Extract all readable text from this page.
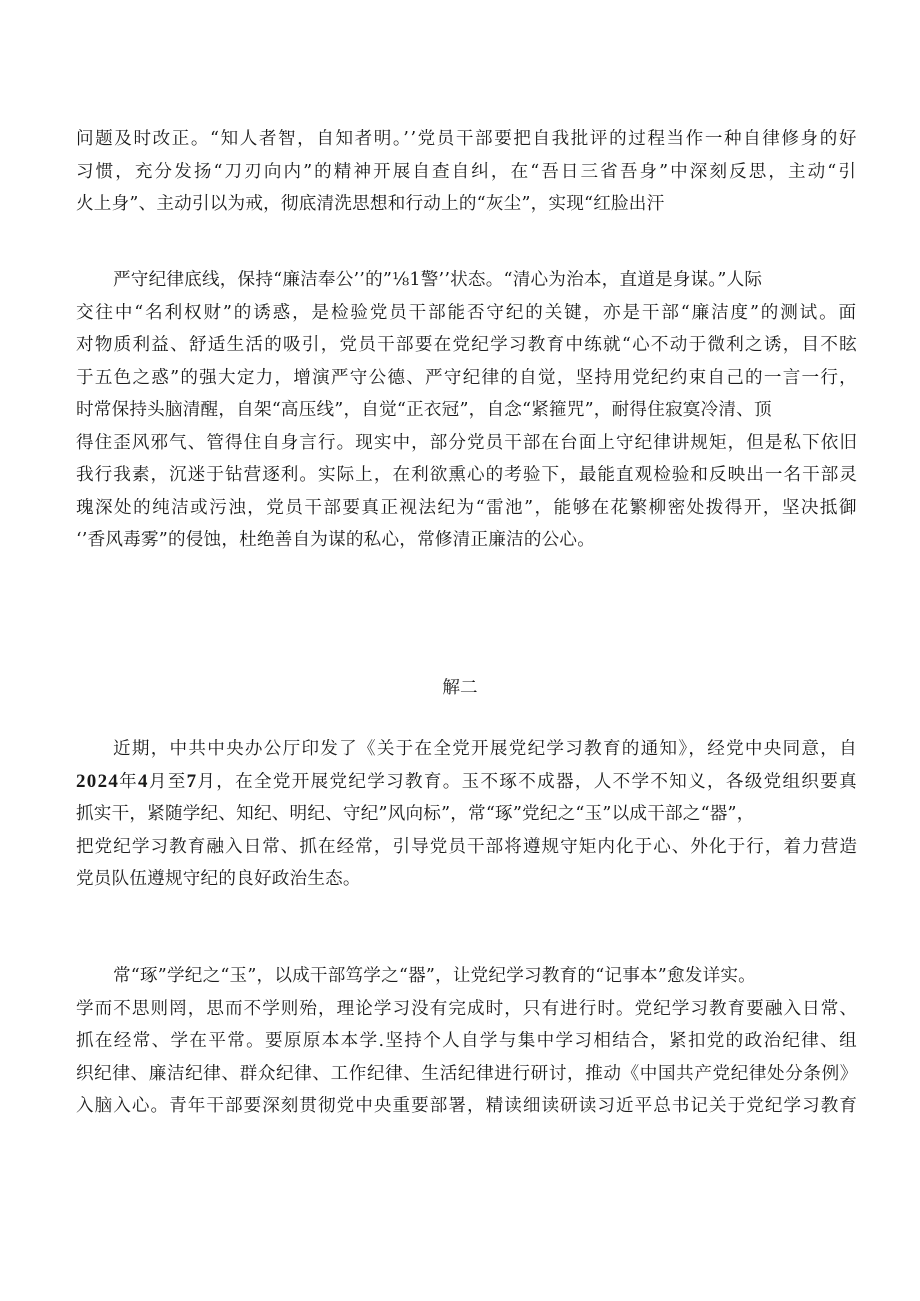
问题及时改正。“知人者智，自知者明。’’党员干部要把自我批评的过程当作一种自律修身的好
习惯，充分发扬“刀刃向内”的精神开展自查自纠，在“吾日三省吾身”中深刻反思，主动“引
火上身”、主动引以为戒，彻底清洗思想和行动上的“灰尘”，实现“红脸出汗
严守纪律底线，保持“廉洁奉公’’的”⅛1警’’状态。“清心为治本，直道是身谋。”人际
交往中“名利权财”的诱惑，是检验党员干部能否守纪的关键，亦是干部“廉洁度”的测试。面
对物质利益、舒适生活的吸引，党员干部要在党纪学习教育中练就“心不动于微利之诱，目不眩
于五色之惑”的强大定力，增演严守公德、严守纪律的自觉，坚持用党纪约束自己的一言一行，
时常保持头脑清醒，自架“高压线”，自觉“正衣冠”，自念“紧箍咒”，耐得住寂寞冷清、顶
得住歪风邪气、管得住自身言行。现实中，部分党员干部在台面上守纪律讲规矩，但是私下依旧
我行我素，沉迷于钻营逐利。实际上，在利欲熏心的考验下，最能直观检验和反映出一名干部灵
瑰深处的纯洁或污浊，党员干部要真正视法纪为“雷池”，能够在花繁柳密处拨得开，坚决抵御
‘’香风毒雾”的侵蚀，杜绝善自为谋的私心，常修清正廉洁的公心。
解二
近期，中共中央办公厅印发了《关于在全党开展党纪学习教育的通知》，经党中央同意，自
2024年4月至7月，在全党开展党纪学习教育。玉不琢不成器，人不学不知义，各级党组织要真
抓实干，紧随学纪、知纪、明纪、守纪”风向标”，常“琢”党纪之“玉”以成干部之“器”，
把党纪学习教育融入日常、抓在经常，引导党员干部将遵规守矩内化于心、外化于行，着力营造
党员队伍遵规守纪的良好政治生态。
常“琢”学纪之“玉”，以成干部笃学之“器”，让党纪学习教育的“记事本”愈发详实。
学而不思则罔，思而不学则殆，理论学习没有完成时，只有进行时。党纪学习教育要融入日常、
抓在经常、学在平常。要原原本本学.坚持个人自学与集中学习相结合，紧扣党的政治纪律、组
织纪律、廉洁纪律、群众纪律、工作纪律、生活纪律进行研讨，推动《中国共产党纪律处分条例》
入脑入心。青年干部要深刻贯彻党中央重要部署，精读细读研读习近平总书记关于党纪学习教育
